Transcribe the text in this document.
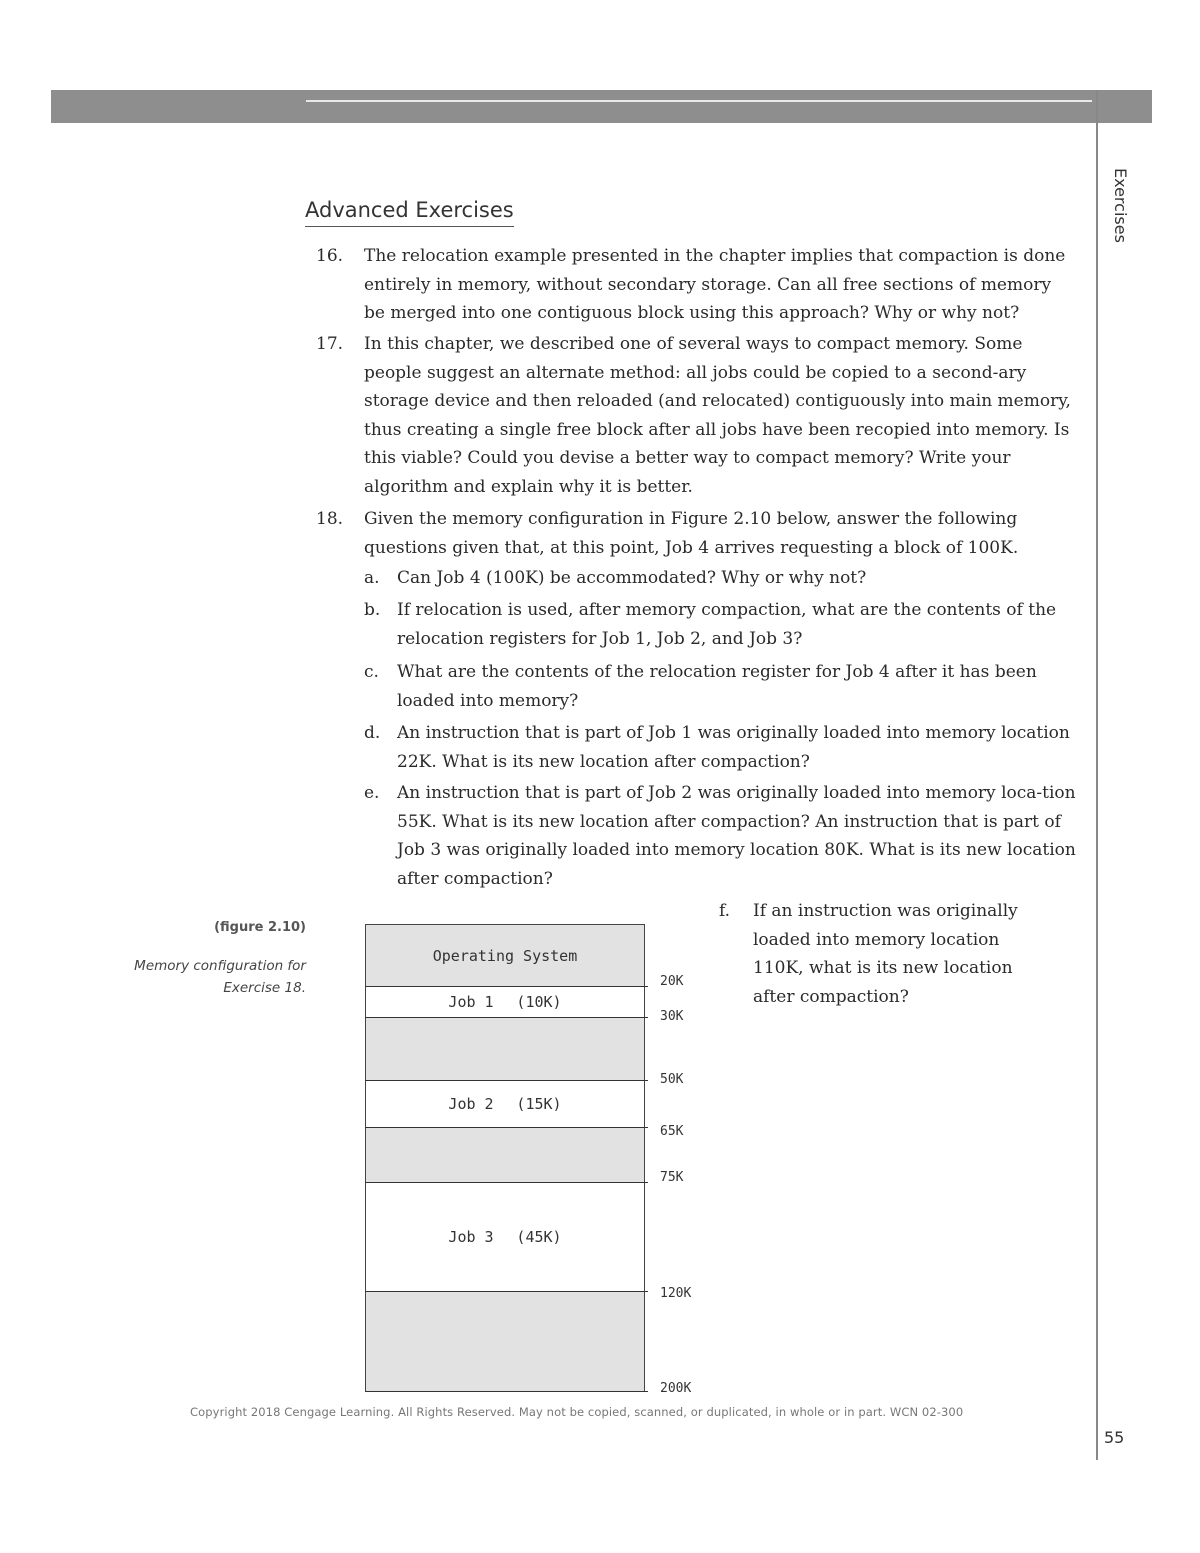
Exercises
Advanced Exercises
16.	The relocation example presented in the chapter implies that compaction is done entirely in memory, without secondary storage. Can all free sections of memory be merged into one contiguous block using this approach? Why or why not?
17.	In this chapter, we described one of several ways to compact memory. Some people suggest an alternate method: all jobs could be copied to a second-ary storage device and then reloaded (and relocated) contiguously into main memory, thus creating a single free block after all jobs have been recopied into memory. Is this viable? Could you devise a better way to compact memory? Write your algorithm and explain why it is better.
18.	Given the memory configuration in Figure 2.10 below, answer the following questions given that, at this point, Job 4 arrives requesting a block of 100K.
a.	Can Job 4 (100K) be accommodated? Why or why not?
b. If relocation is used, after memory compaction, what are the contents of the relocation registers for Job 1, Job 2, and Job 3?
c.	What are the contents of the relocation register for Job 4 after it has been loaded into memory?
d. An instruction that is part of Job 1 was originally loaded into memory location 22K. What is its new location after compaction?
e.	An instruction that is part of Job 2 was originally loaded into memory loca-tion 55K. What is its new location after compaction? An instruction that is part of Job 3 was originally loaded into memory location 80K. What is its new location after compaction?
f.	If an instruction was originally loaded into memory location 110K, what is its new location after compaction?
(figure 2.10)
Memory configuration for
Exercise 18.
Operating System
Job 1	(10K)
Job 2	(15K)
Job 3	(45K)
20K
30K
50K
65K
75K
120K
200K
Copyright 2018 Cengage Learning. All Rights Reserved. May not be copied, scanned, or duplicated, in whole or in part. WCN 02-300
55
